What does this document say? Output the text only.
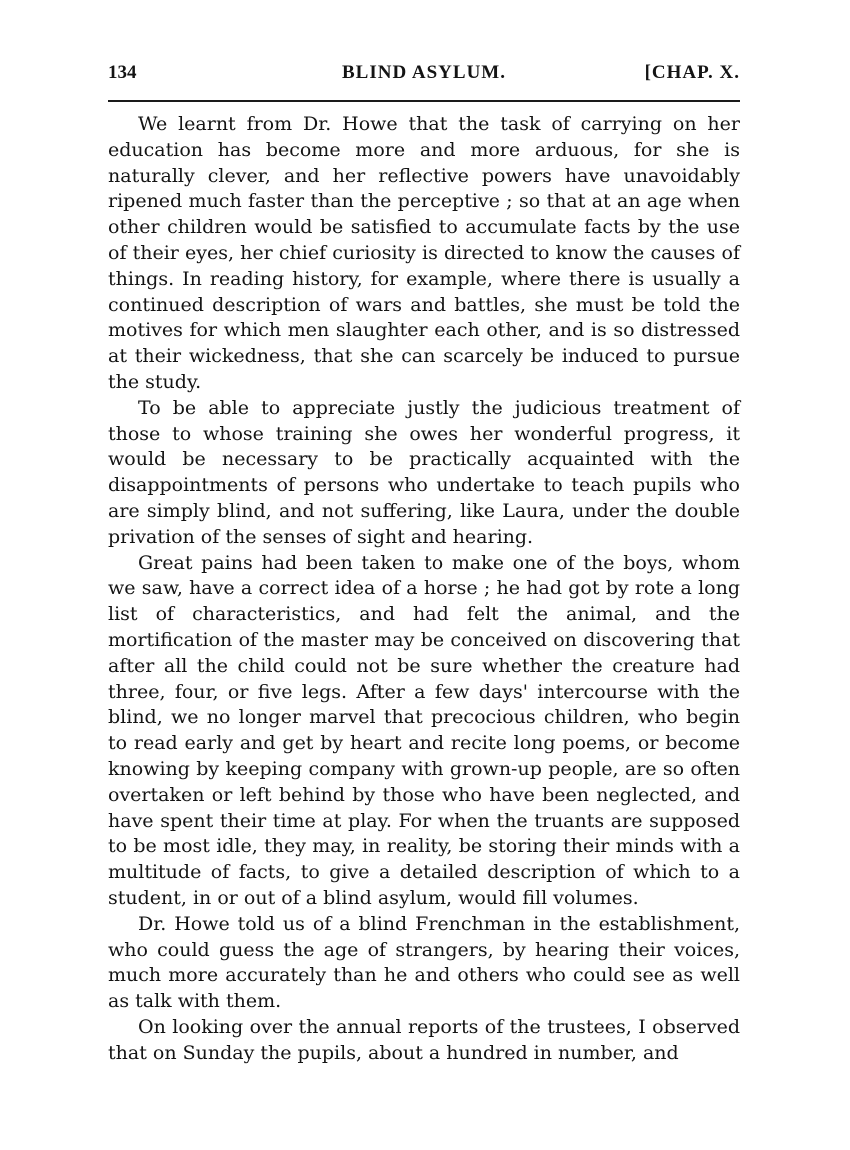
134	BLIND ASYLUM.	[CHAP. X.

We learnt from Dr. Howe that the task of carrying on her education has become more and more arduous, for she is naturally clever, and her reflective powers have unavoidably ripened much faster than the perceptive ; so that at an age when other children would be satisfied to accumulate facts by the use of their eyes, her chief curiosity is directed to know the causes of things. In reading history, for example, where there is usually a continued description of wars and battles, she must be told the motives for which men slaughter each other, and is so distressed at their wickedness, that she can scarcely be induced to pursue the study.

To be able to appreciate justly the judicious treatment of those to whose training she owes her wonderful progress, it would be necessary to be practically acquainted with the disappointments of persons who undertake to teach pupils who are simply blind, and not suffering, like Laura, under the double privation of the senses of sight and hearing.

Great pains had been taken to make one of the boys, whom we saw, have a correct idea of a horse ; he had got by rote a long list of characteristics, and had felt the animal, and the mortification of the master may be conceived on discovering that after all the child could not be sure whether the creature had three, four, or five legs. After a few days' intercourse with the blind, we no longer marvel that precocious children, who begin to read early and get by heart and recite long poems, or become knowing by keeping company with grown-up people, are so often overtaken or left behind by those who have been neglected, and have spent their time at play. For when the truants are supposed to be most idle, they may, in reality, be storing their minds with a multitude of facts, to give a detailed description of which to a student, in or out of a blind asylum, would fill volumes.

Dr. Howe told us of a blind Frenchman in the establishment, who could guess the age of strangers, by hearing their voices, much more accurately than he and others who could see as well as talk with them.

On looking over the annual reports of the trustees, I observed that on Sunday the pupils, about a hundred in number, and
